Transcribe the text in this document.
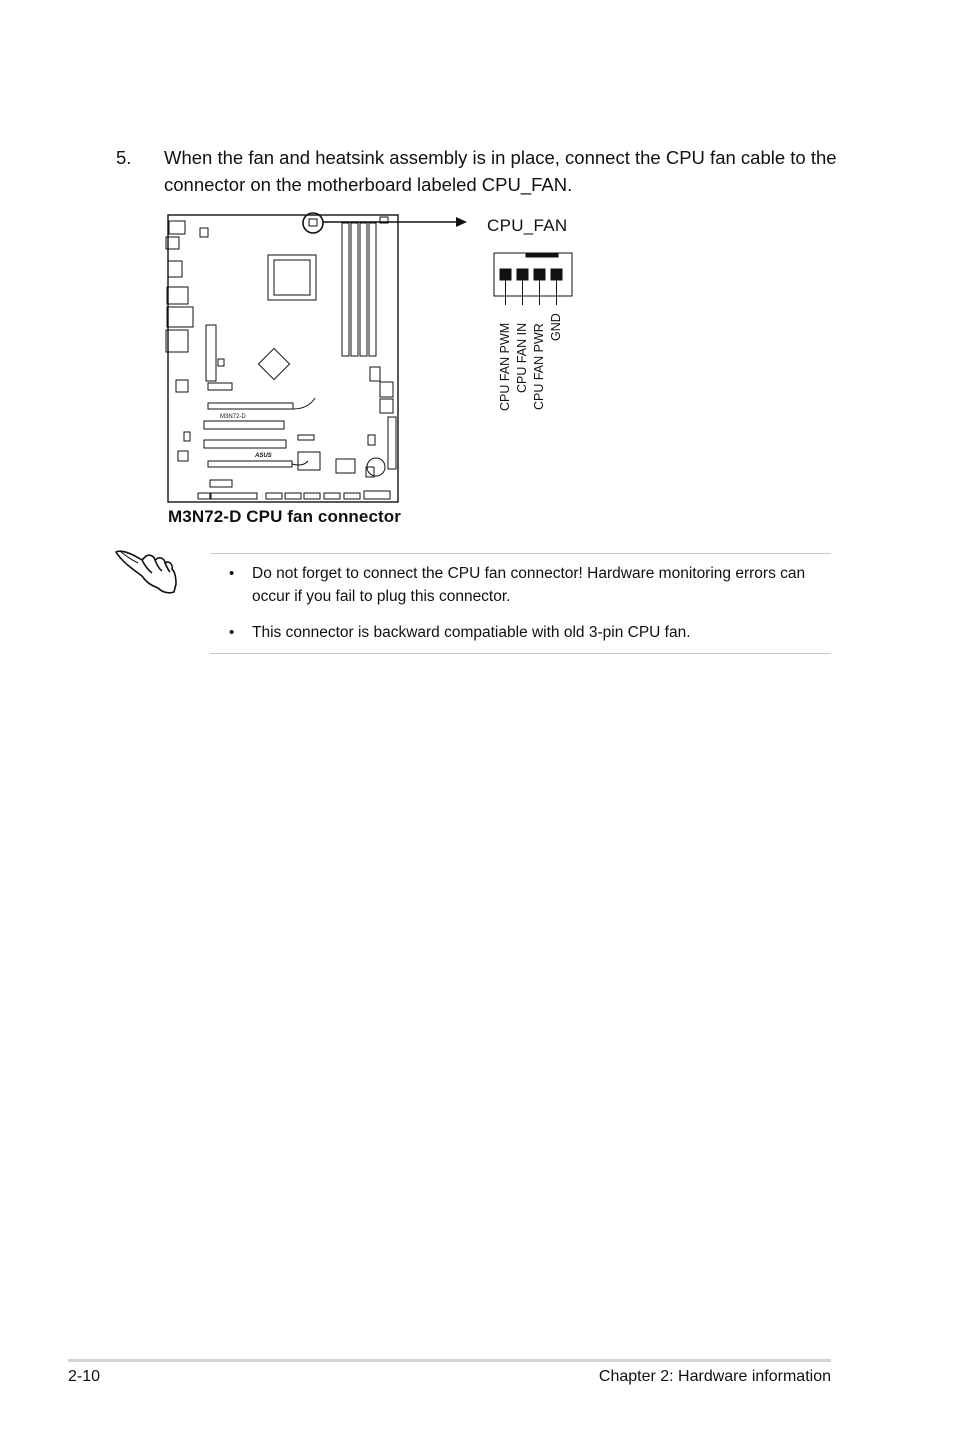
5. When the fan and heatsink assembly is in place, connect the CPU fan cable to the connector on the motherboard labeled CPU_FAN.
M3N72-D
ASUS
M3N72-D CPU fan connector
CPU_FAN
CPU FAN PWM CPU FAN IN CPU FAN PWR GND
• Do not forget to connect the CPU fan connector! Hardware monitoring errors can occur if you fail to plug this connector.
• This connector is backward compatiable with old 3-pin CPU fan.
2-10	Chapter 2: Hardware information
